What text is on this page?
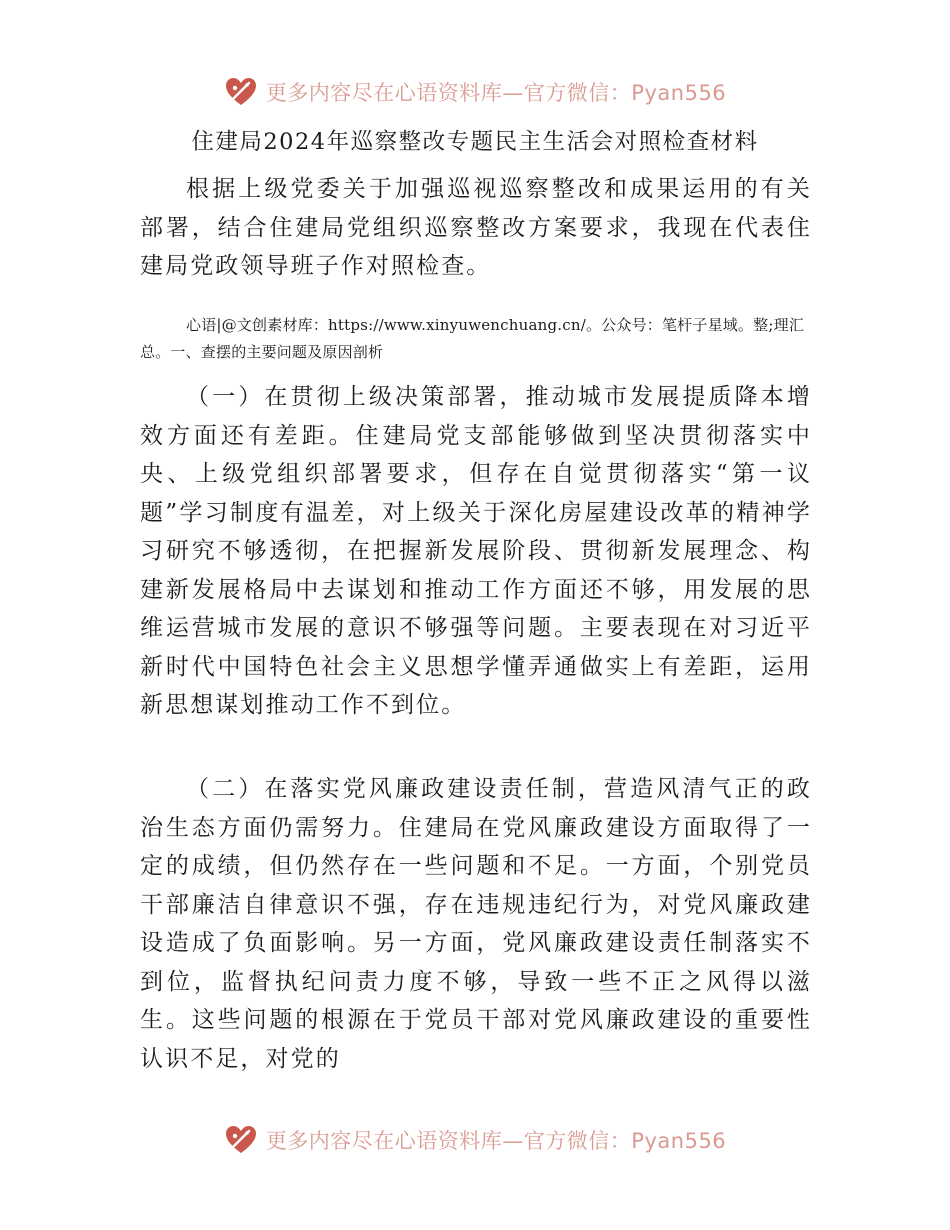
更多内容尽在心语资料库—官方微信：Pyan556
住建局2024年巡察整改专题民主生活会对照检查材料

根据上级党委关于加强巡视巡察整改和成果运用的有关部署，结合住建局党组织巡察整改方案要求，我现在代表住建局党政领导班子作对照检查。

心语|@文创素材库：https://www.xinyuwenchuang.cn/。公众号：笔杆子星域。整;理汇总。一、查摆的主要问题及原因剖析

（一）在贯彻上级决策部署，推动城市发展提质降本增效方面还有差距。住建局党支部能够做到坚决贯彻落实中央、上级党组织部署要求，但存在自觉贯彻落实“第一议题”学习制度有温差，对上级关于深化房屋建设改革的精神学习研究不够透彻，在把握新发展阶段、贯彻新发展理念、构建新发展格局中去谋划和推动工作方面还不够，用发展的思维运营城市发展的意识不够强等问题。主要表现在对习近平新时代中国特色社会主义思想学懂弄通做实上有差距，运用新思想谋划推动工作不到位。

（二）在落实党风廉政建设责任制，营造风清气正的政治生态方面仍需努力。住建局在党风廉政建设方面取得了一定的成绩，但仍然存在一些问题和不足。一方面，个别党员干部廉洁自律意识不强，存在违规违纪行为，对党风廉政建设造成了负面影响。另一方面，党风廉政建设责任制落实不到位，监督执纪问责力度不够，导致一些不正之风得以滋生。这些问题的根源在于党员干部对党风廉政建设的重要性认识不足，对党的

更多内容尽在心语资料库—官方微信：Pyan556
